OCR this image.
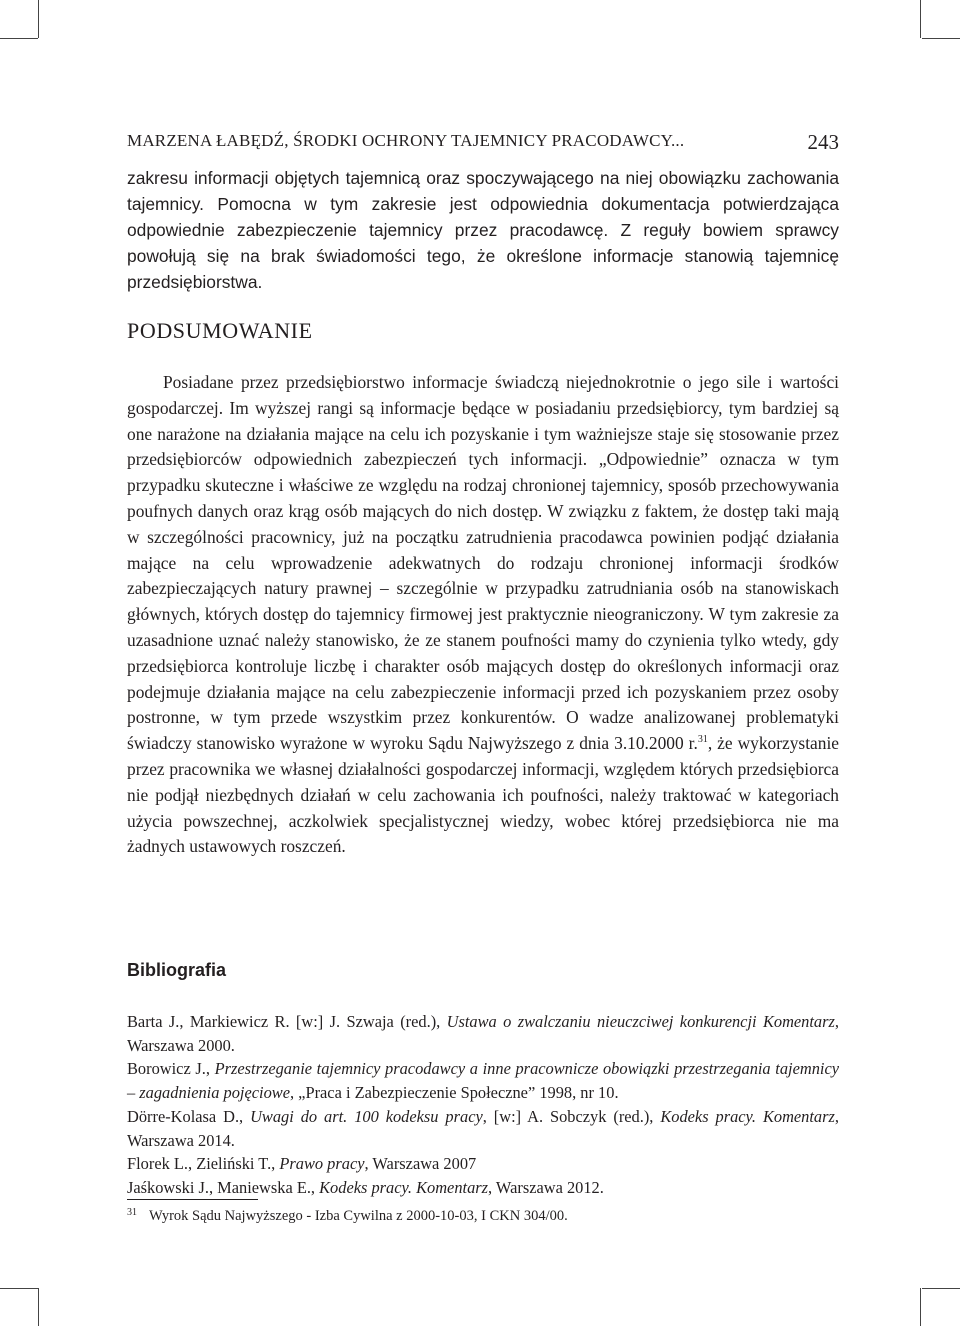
MARZENA ŁABĘDŹ, ŚRODKI OCHRONY TAJEMNICY PRACODAWCY...	243

zakresu informacji objętych tajemnicą oraz spoczywającego na niej obowiązku zachowania tajemnicy. Pomocna w tym zakresie jest odpowiednia dokumentacja potwierdzająca odpowiednie zabezpieczenie tajemnicy przez pracodawcę. Z reguły bowiem sprawcy powołują się na brak świadomości tego, że określone informacje stanowią tajemnicę przedsiębiorstwa.

PODSUMOWANIE

Posiadane przez przedsiębiorstwo informacje świadczą niejednokrotnie o jego sile i wartości gospodarczej. Im wyższej rangi są informacje będące w posiadaniu przedsiębiorcy, tym bardziej są one narażone na działania mające na celu ich pozyskanie i tym ważniejsze staje się stosowanie przez przedsiębiorców odpowiednich zabezpieczeń tych informacji. „Odpowiednie” oznacza w tym przypadku skuteczne i właściwe ze względu na rodzaj chronionej tajemnicy, sposób przechowywania poufnych danych oraz krąg osób mających do nich dostęp. W związku z faktem, że dostęp taki mają w szczególności pracownicy, już na początku zatrudnienia pracodawca powinien podjąć działania mające na celu wprowadzenie adekwatnych do rodzaju chronionej informacji środków zabezpieczających natury prawnej – szczególnie w przypadku zatrudniania osób na stanowiskach głównych, których dostęp do tajemnicy firmowej jest praktycznie nieograniczony. W tym zakresie za uzasadnione uznać należy stanowisko, że ze stanem poufności mamy do czynienia tylko wtedy, gdy przedsiębiorca kontroluje liczbę i charakter osób mających dostęp do określonych informacji oraz podejmuje działania mające na celu zabezpieczenie informacji przed ich pozyskaniem przez osoby postronne, w tym przede wszystkim przez konkurentów. O wadze analizowanej problematyki świadczy stanowisko wyrażone w wyroku Sądu Najwyższego z dnia 3.10.2000 r.$^{31}$, że wykorzystanie przez pracownika we własnej działalności gospodarczej informacji, względem których przedsiębiorca nie podjął niezbędnych działań w celu zachowania ich poufności, należy traktować w kategoriach użycia powszechnej, aczkolwiek specjalistycznej wiedzy, wobec której przedsiębiorca nie ma żadnych ustawowych roszczeń.

Bibliografia
Barta J., Markiewicz R. [w:] J. Szwaja (red.), Ustawa o zwalczaniu nieuczciwej konkurencji Komentarz, Warszawa 2000.
Borowicz J., Przestrzeganie tajemnicy pracodawcy a inne pracownicze obowiązki przestrzegania tajemnicy – zagadnienia pojęciowe, „Praca i Zabezpieczenie Społeczne” 1998, nr 10.
Dörre-Kolasa D., Uwagi do art. 100 kodeksu pracy, [w:] A. Sobczyk (red.), Kodeks pracy. Komentarz, Warszawa 2014.
Florek L., Zieliński T., Prawo pracy, Warszawa 2007
Jaśkowski J., Maniewska E., Kodeks pracy. Komentarz, Warszawa 2012.
31 Wyrok Sądu Najwyższego - Izba Cywilna z 2000-10-03, I CKN 304/00.
